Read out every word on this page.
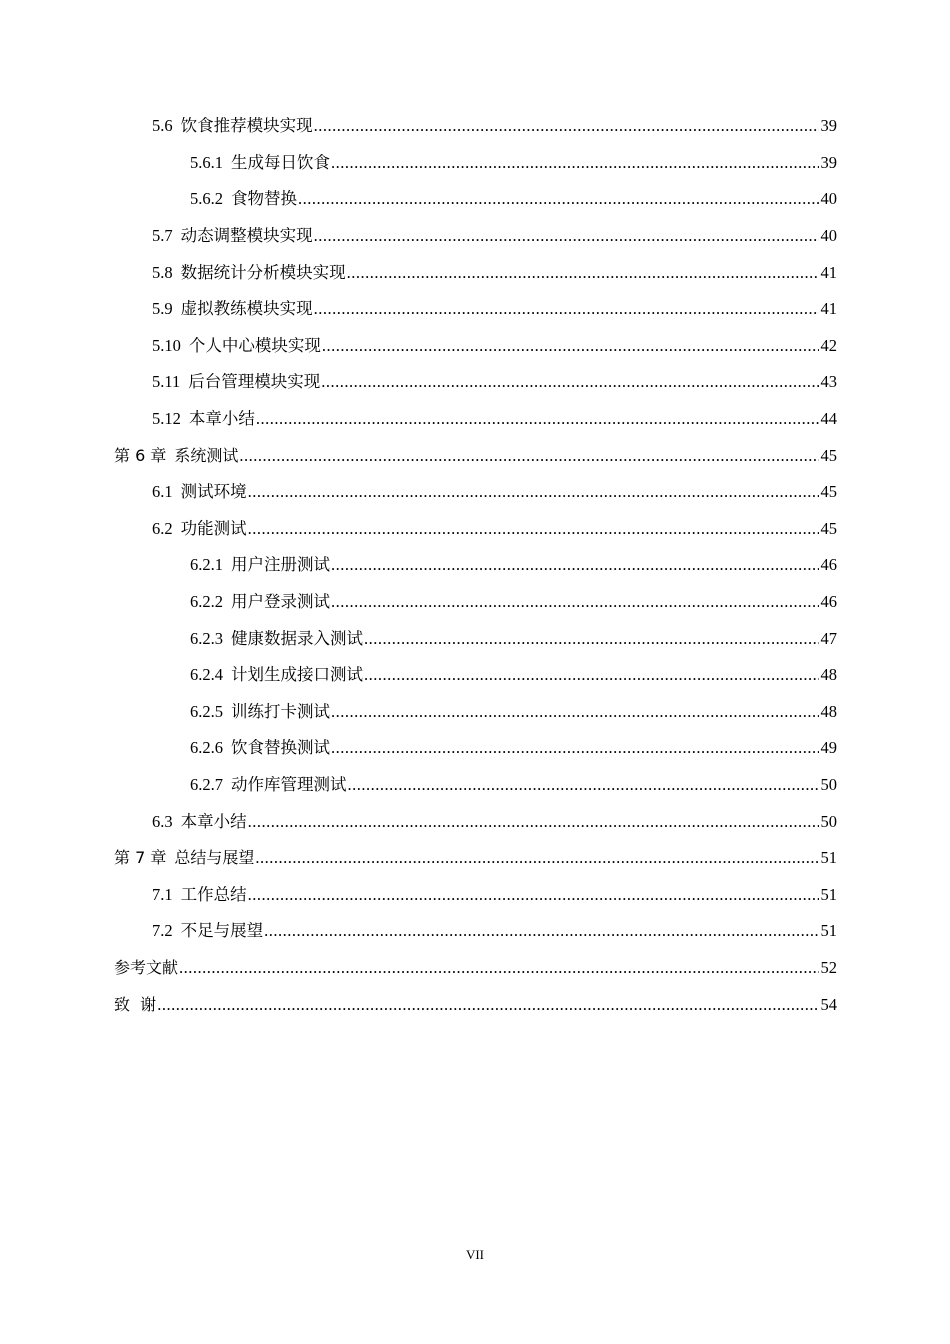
5.6 饮食推荐模块实现 .....	39
5.6.1 生成每日饮食 .....	39
5.6.2 食物替换 .....	40
5.7 动态调整模块实现 .....	40
5.8 数据统计分析模块实现 .....	41
5.9 虚拟教练模块实现 .....	41
5.10 个人中心模块实现 .....	42
5.11 后台管理模块实现 .....	43
5.12 本章小结 .....	44
第 6 章 系统测试 .....	45
6.1 测试环境 .....	45
6.2 功能测试 .....	45
6.2.1 用户注册测试 .....	46
6.2.2 用户登录测试 .....	46
6.2.3 健康数据录入测试 .....	47
6.2.4 计划生成接口测试 .....	48
6.2.5 训练打卡测试 .....	48
6.2.6 饮食替换测试 .....	49
6.2.7 动作库管理测试 .....	50
6.3 本章小结 .....	50
第 7 章 总结与展望 .....	51
7.1 工作总结 .....	51
7.2 不足与展望 .....	51
参考文献 .....	52
致  谢 .....	54
VII
